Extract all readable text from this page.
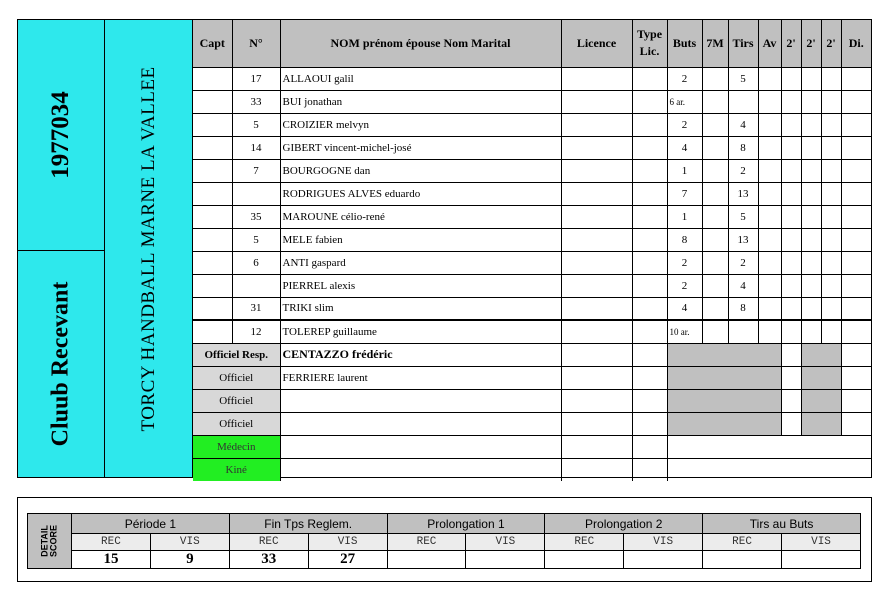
1977034
Cluub Recevant	TORCY HANDBALL MARNE LA VALLEE
Capt	N°	NOM prénom épouse Nom Marital	Licence	Type Lic.	Buts	7M	Tirs	Av	2'	2'	2'	Di.
	17	ALLAOUI galil			2		5					
	33	BUI jonathan			6 ar.							
	5	CROIZIER melvyn			2		4					
	14	GIBERT vincent-michel-josé			4		8					
	7	BOURGOGNE dan			1		2					
		RODRIGUES ALVES eduardo			7		13					
	35	MAROUNE célio-rené			1		5					
	5	MELE fabien			8		13					
	6	ANTI gaspard			2		2					
		PIERREL alexis			2		4					
	31	TRIKI slim			4		8					
	12	TOLEREP guillaume			10 ar.							
Officiel Resp.		CENTAZZO frédéric										
Officiel		FERRIERE laurent										
Officiel												
Officiel												
Médecin												
Kiné												
DETAIL SCORE	Période 1		Fin Tps Reglem.		Prolongation 1		Prolongation 2		Tirs au Buts	
	REC	VIS	REC	VIS	REC	VIS	REC	VIS	REC	VIS
	15	9	33	27						
